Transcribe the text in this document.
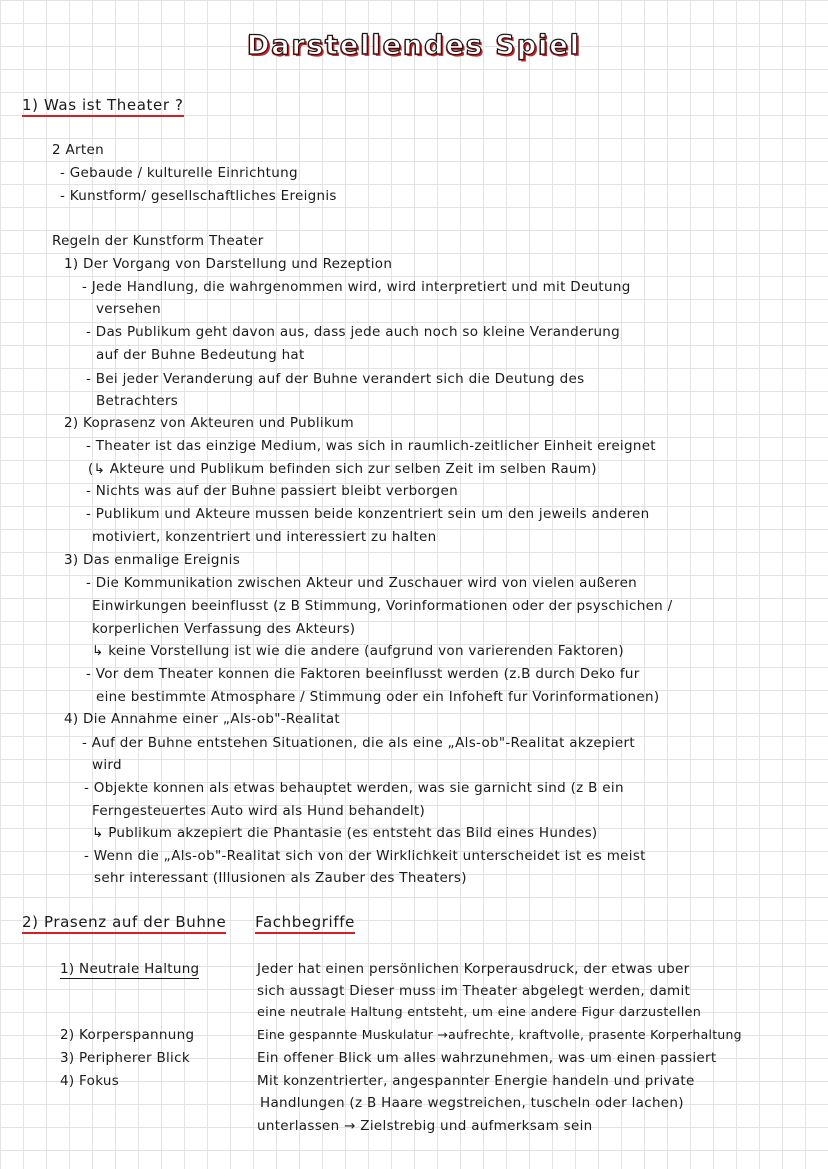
Darstellendes Spiel
1) Was ist Theater ?
2 Arten
- Gebaude / kulturelle Einrichtung
- Kunstform/ gesellschaftliches Ereignis
Regeln der Kunstform Theater
1) Der Vorgang von Darstellung und Rezeption
- Jede Handlung, die wahrgenommen wird, wird interpretiert und mit Deutung
versehen
- Das Publikum geht davon aus, dass jede auch noch so kleine Veranderung
auf der Buhne Bedeutung hat
- Bei jeder Veranderung auf der Buhne verandert sich die Deutung des
Betrachters
2) Koprasenz von Akteuren und Publikum
- Theater ist das einzige Medium, was sich in raumlich-zeitlicher Einheit ereignet
(↳ Akteure und Publikum befinden sich zur selben Zeit im selben Raum)
- Nichts was auf der Buhne passiert bleibt verborgen
- Publikum und Akteure mussen beide konzentriert sein um den jeweils anderen
motiviert, konzentriert und interessiert zu halten
3) Das enmalige Ereignis
- Die Kommunikation zwischen Akteur und Zuschauer wird von vielen außeren
Einwirkungen beeinflusst (z B Stimmung, Vorinformationen oder der psyschichen /
korperlichen Verfassung des Akteurs)
↳ keine Vorstellung ist wie die andere (aufgrund von varierenden Faktoren)
- Vor dem Theater konnen die Faktoren beeinflusst werden (z.B durch Deko fur
eine bestimmte Atmosphare / Stimmung oder ein Infoheft fur Vorinformationen)
4) Die Annahme einer „Als-ob"-Realitat
- Auf der Buhne entstehen Situationen, die als eine „Als-ob"-Realitat akzepiert
wird
- Objekte konnen als etwas behauptet werden, was sie garnicht sind (z B ein
Ferngesteuertes Auto wird als Hund behandelt)
↳ Publikum akzepiert die Phantasie (es entsteht das Bild eines Hundes)
- Wenn die „Als-ob"-Realitat sich von der Wirklichkeit unterscheidet ist es meist
sehr interessant (Illusionen als Zauber des Theaters)
2) Prasenz auf der Buhne Fachbegriffe
1) Neutrale Haltung
2) Korperspannung
3) Peripherer Blick
4) Fokus
Jeder hat einen persönlichen Korperausdruck, der etwas uber
sich aussagt Dieser muss im Theater abgelegt werden, damit
eine neutrale Haltung entsteht, um eine andere Figur darzustellen
Eine gespannte Muskulatur →aufrechte, kraftvolle, prasente Korperhaltung
Ein offener Blick um alles wahrzunehmen, was um einen passiert
Mit konzentrierter, angespannter Energie handeln und private
Handlungen (z B Haare wegstreichen, tuscheln oder lachen)
unterlassen → Zielstrebig und aufmerksam sein
